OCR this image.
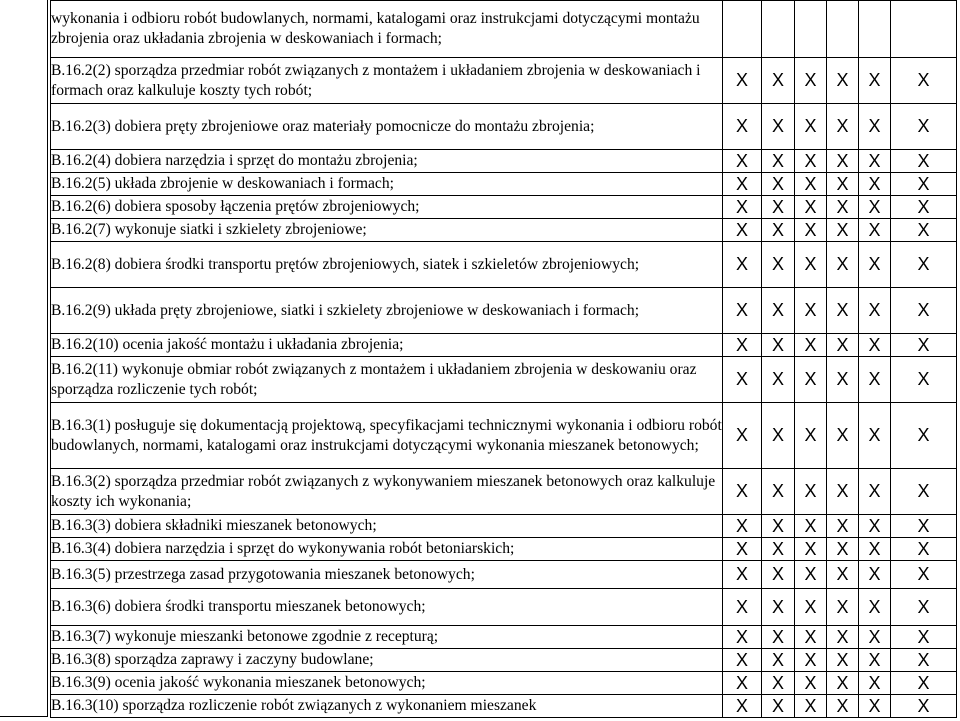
wykonania i odbioru robót budowlanych, normami, katalogami oraz instrukcjami dotyczącymi montażu zbrojenia oraz układania zbrojenia w deskowaniach i formach;						
B.16.2(2) sporządza przedmiar robót związanych z montażem i układaniem zbrojenia w deskowaniach i formach oraz kalkuluje koszty tych robót;	X	X	X	X	X	X
B.16.2(3) dobiera pręty zbrojeniowe oraz materiały pomocnicze do montażu zbrojenia;	X	X	X	X	X	X
B.16.2(4) dobiera narzędzia i sprzęt do montażu zbrojenia;	X	X	X	X	X	X
B.16.2(5) układa zbrojenie w deskowaniach i formach;	X	X	X	X	X	X
B.16.2(6) dobiera sposoby łączenia prętów zbrojeniowych;	X	X	X	X	X	X
B.16.2(7) wykonuje siatki i szkielety zbrojeniowe;	X	X	X	X	X	X
B.16.2(8) dobiera środki transportu prętów zbrojeniowych, siatek i szkieletów zbrojeniowych;	X	X	X	X	X	X
B.16.2(9) układa pręty zbrojeniowe, siatki i szkielety zbrojeniowe w deskowaniach i formach;	X	X	X	X	X	X
B.16.2(10) ocenia jakość montażu i układania zbrojenia;	X	X	X	X	X	X
B.16.2(11) wykonuje obmiar robót związanych z montażem i układaniem zbrojenia w deskowaniu oraz sporządza rozliczenie tych robót;	X	X	X	X	X	X
B.16.3(1) posługuje się dokumentacją projektową, specyfikacjami technicznymi wykonania i odbioru robót budowlanych, normami, katalogami oraz instrukcjami dotyczącymi wykonania mieszanek betonowych;	X	X	X	X	X	X
B.16.3(2) sporządza przedmiar robót związanych z wykonywaniem mieszanek betonowych oraz kalkuluje koszty ich wykonania;	X	X	X	X	X	X
B.16.3(3) dobiera składniki mieszanek betonowych;	X	X	X	X	X	X
B.16.3(4) dobiera narzędzia i sprzęt do wykonywania robót betoniarskich;	X	X	X	X	X	X
B.16.3(5) przestrzega zasad przygotowania mieszanek betonowych;	X	X	X	X	X	X
B.16.3(6) dobiera środki transportu mieszanek betonowych;	X	X	X	X	X	X
B.16.3(7) wykonuje mieszanki betonowe zgodnie z recepturą;	X	X	X	X	X	X
B.16.3(8) sporządza zaprawy i zaczyny budowlane;	X	X	X	X	X	X
B.16.3(9) ocenia jakość wykonania mieszanek betonowych;	X	X	X	X	X	X
B.16.3(10) sporządza rozliczenie robót związanych z wykonaniem mieszanek	X	X	X	X	X	X
